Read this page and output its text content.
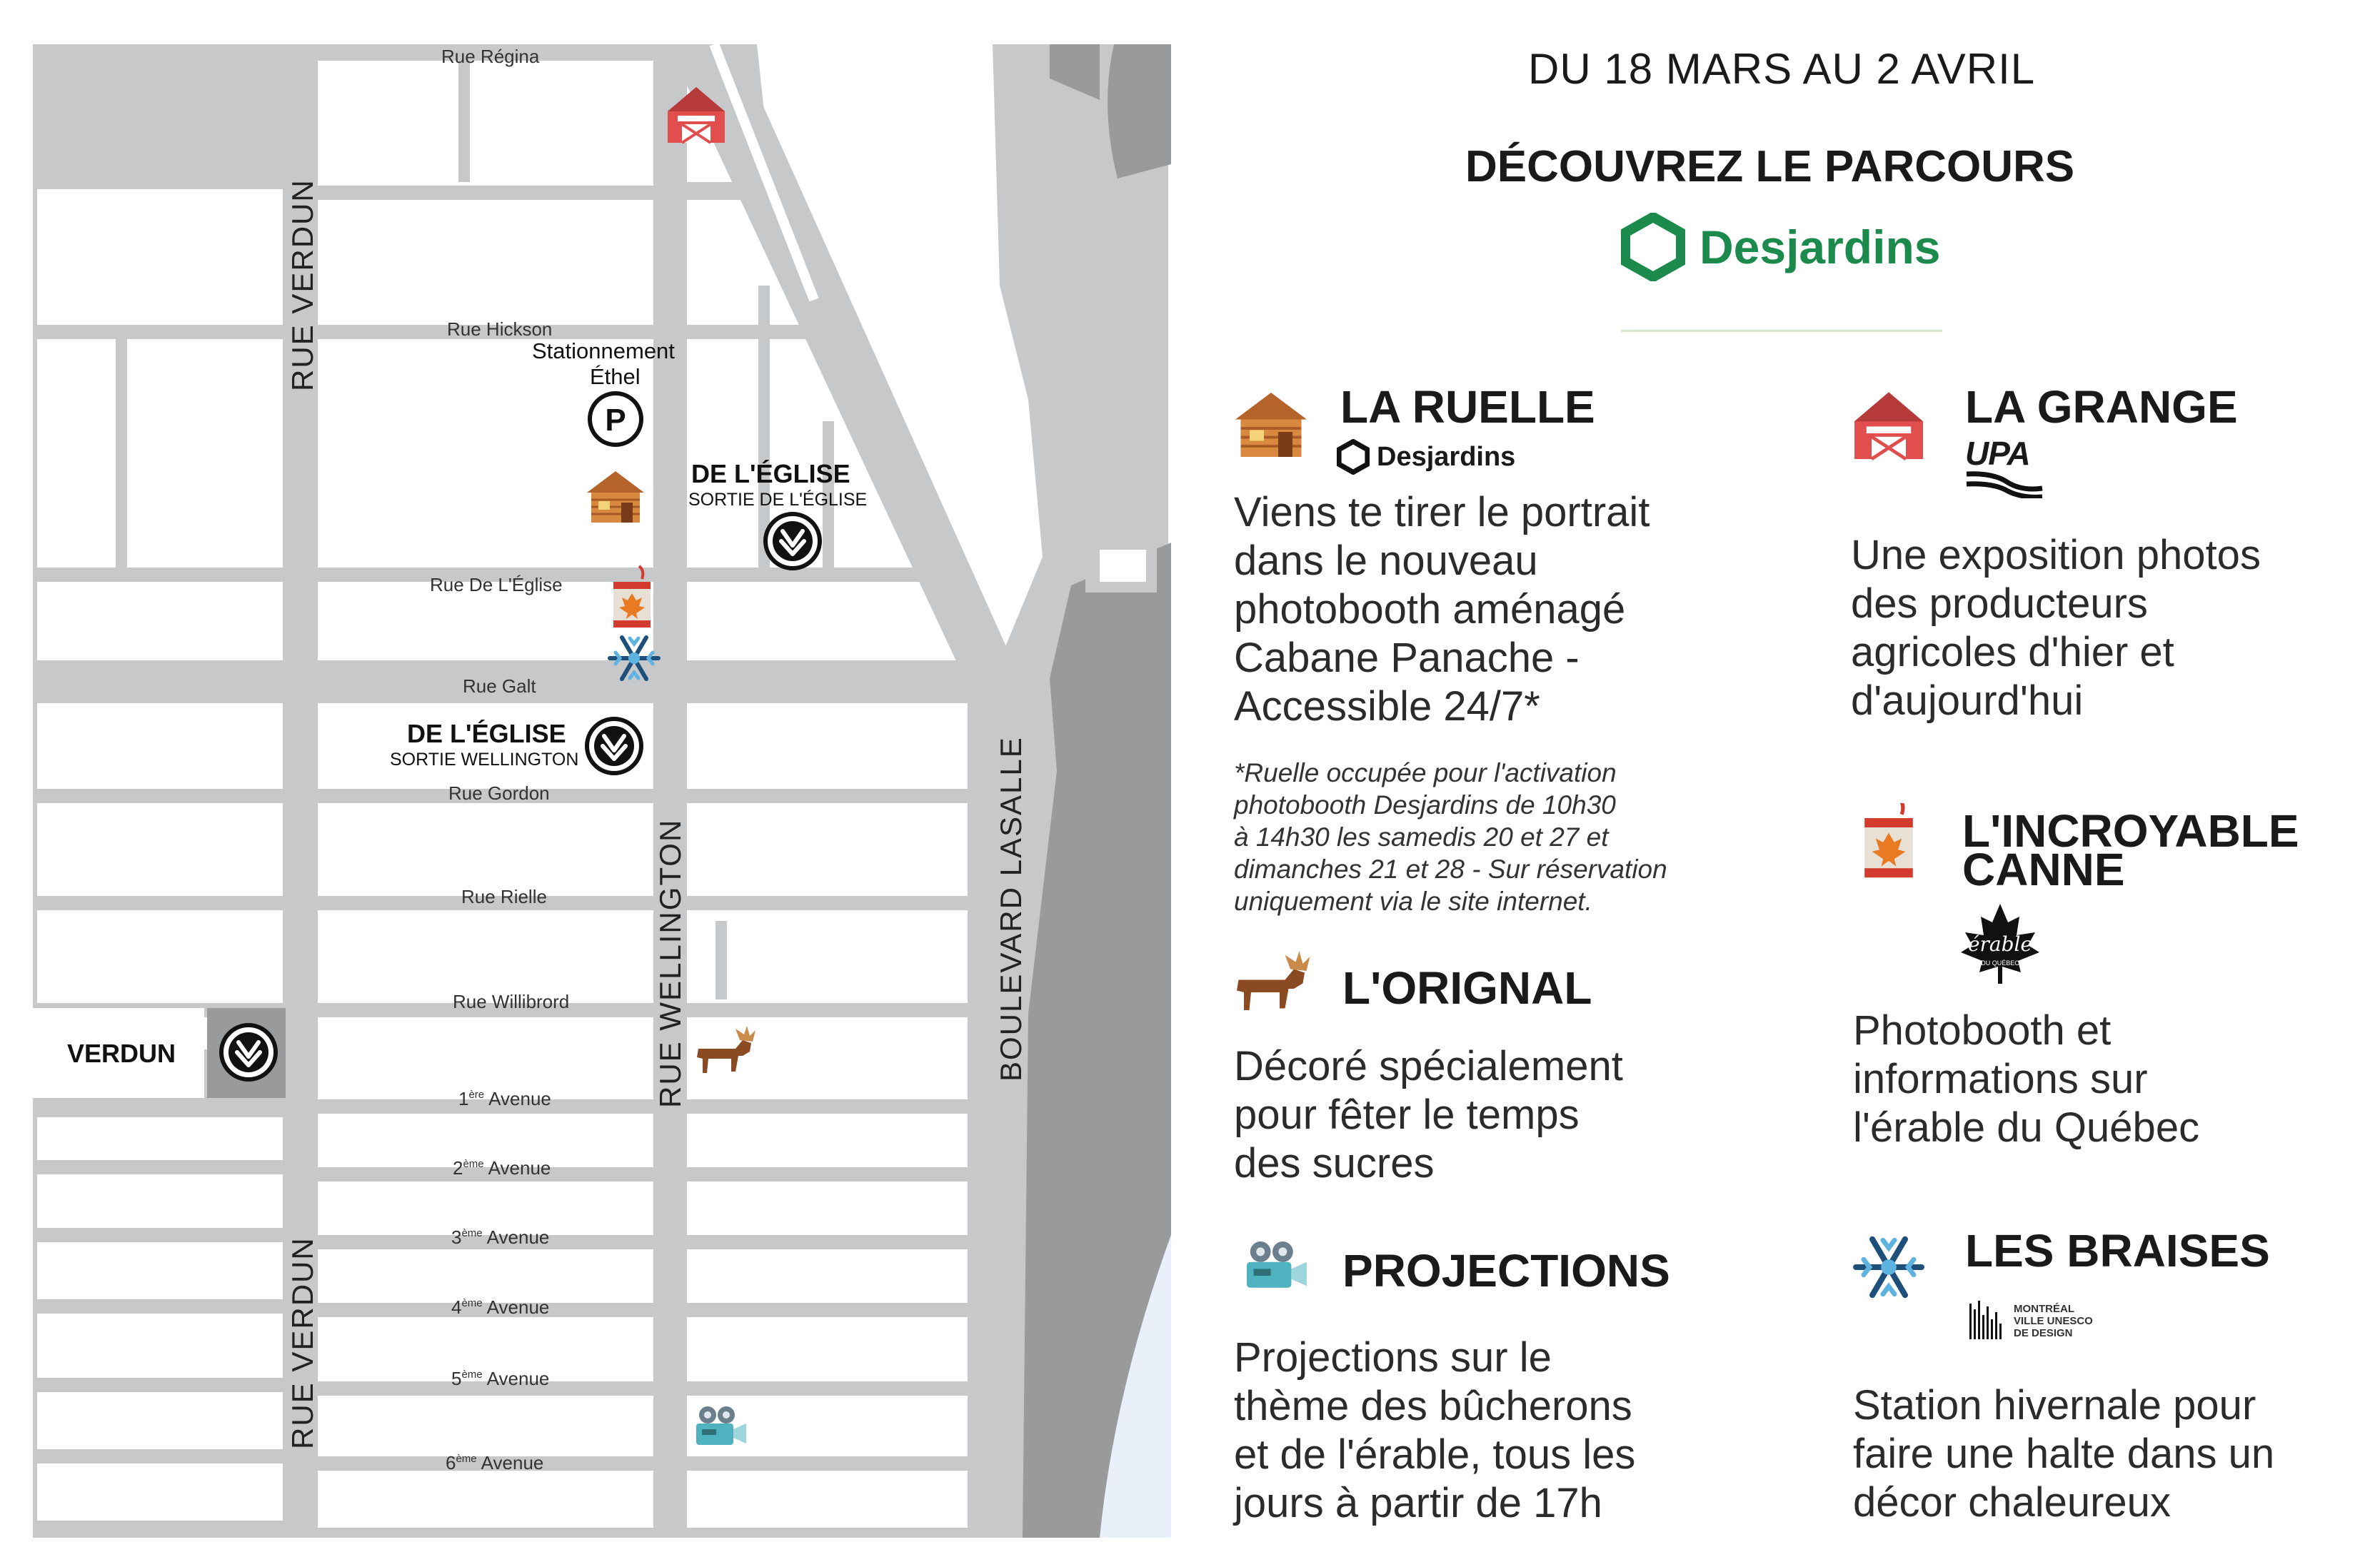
Rue Régina
Rue Hickson
Rue De L'Église
Rue Galt
Rue Gordon
Rue Rielle
Rue Willibrord
1ère Avenue
2ème Avenue
3ème Avenue
4ème Avenue
5ème Avenue
6ème Avenue
RUE VERDUN
RUE VERDUN
RUE WELLINGTON	BOULEVARD LASALLE
Stationnement
Éthel
P
DE L'ÉGLISE
SORTIE DE L'ÉGLISE
DE L'ÉGLISE
SORTIE WELLINGTON
VERDUN
DU 18 MARS AU 2 AVRIL
DÉCOUVREZ LE PARCOURS
Desjardins
LA RUELLE
Desjardins
Viens te tirer le portrait
dans le nouveau
photobooth aménagé
Cabane Panache -
Accessible 24/7*
*Ruelle occupée pour l'activation
photobooth Desjardins de 10h30
à 14h30 les samedis 20 et 27 et
dimanches 21 et 28 - Sur réservation
uniquement via le site internet.
L'ORIGNAL
Décoré spécialement
pour fêter le temps
des sucres
PROJECTIONS
Projections sur le
thème des bûcherons
et de l'érable, tous les
jours à partir de 17h
LA GRANGE
UPA
Une exposition photos
des producteurs
agricoles d'hier et
d'aujourd'hui
L'INCROYABLE
CANNE
érable
DU QUÉBEC
Photobooth et
informations sur
l'érable du Québec
LES BRAISES
MONTRÉAL
VILLE UNESCO
DE DESIGN
Station hivernale pour
faire une halte dans un
décor chaleureux
